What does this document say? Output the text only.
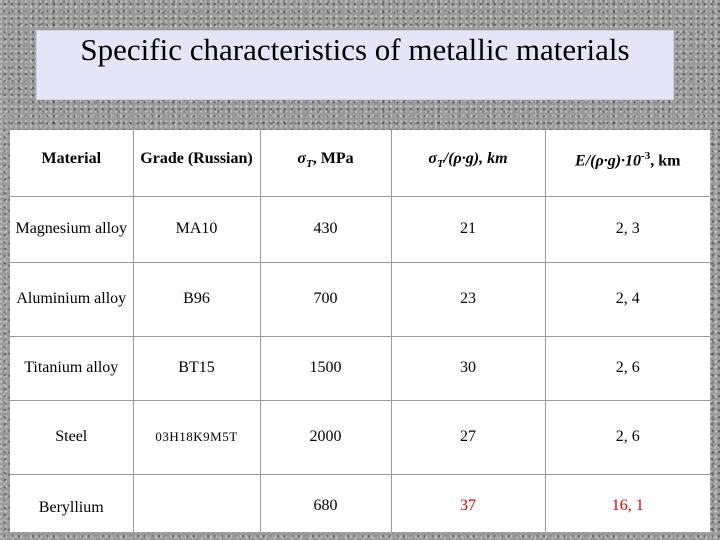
Specific characteristics of metallic materials
Material	Grade (Russian)	$\sigma_T$, MPa	$\sigma_T/(\rho\cdot g)$, km	$E/(\rho\cdot g)\cdot 10^{-3}$, km
Magnesium alloy	MA10	430	21	2, 3
Aluminium alloy	B96	700	23	2, 4
Titanium alloy	BT15	1500	30	2, 6
Steel	03H18K9M5T	2000	27	2, 6
Beryllium		680	37	16, 1
